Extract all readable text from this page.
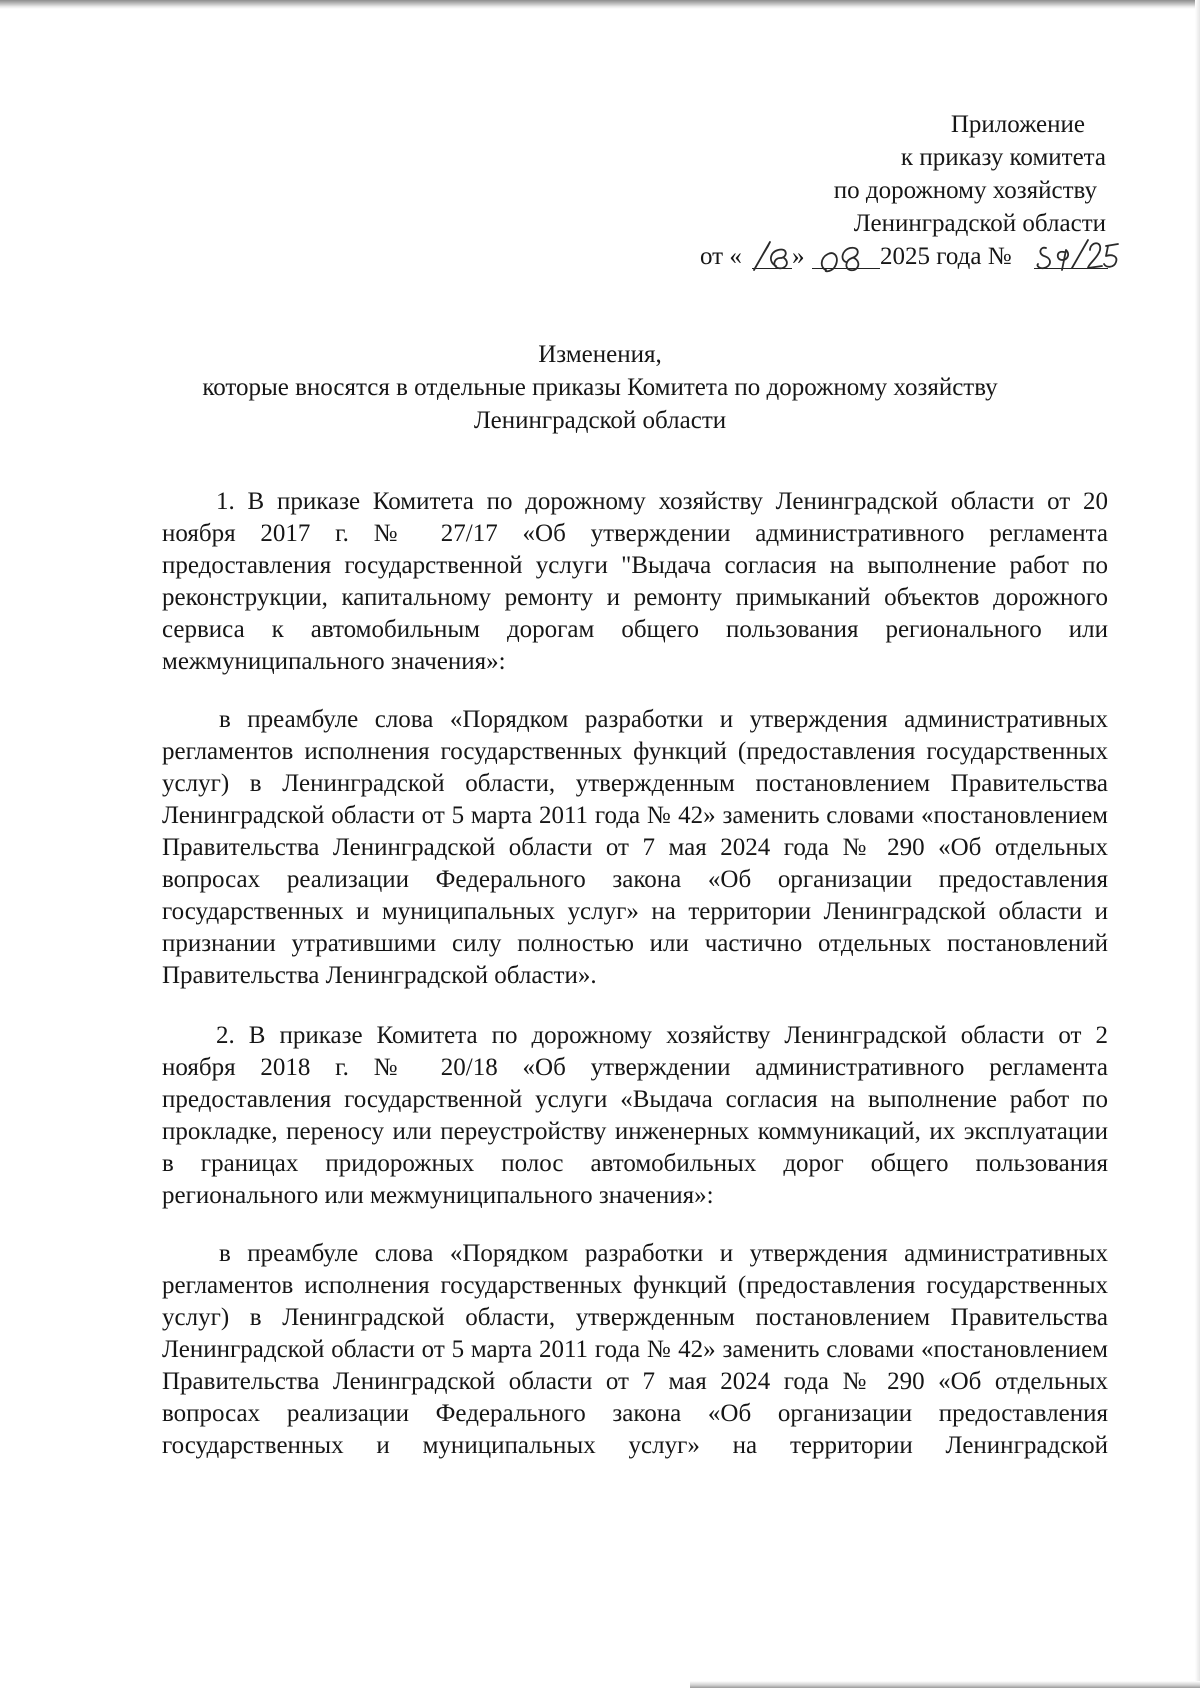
Приложение
к приказу комитета
по дорожному хозяйству
Ленинградской области
от « »	2025 года №
Изменения,
которые вносятся в отдельные приказы Комитета по дорожному хозяйству
Ленинградской области

1. В приказе Комитета по дорожному хозяйству Ленинградской области от 20 ноября 2017 г. № 27/17 «Об утверждении административного регламента предоставления государственной услуги "Выдача согласия на выполнение работ по реконструкции, капитальному ремонту и ремонту примыканий объектов дорожного сервиса к автомобильным дорогам общего пользования регионального или межмуниципального значения»:

в преамбуле слова «Порядком разработки и утверждения административных регламентов исполнения государственных функций (предоставления государственных услуг) в Ленинградской области, утвержденным постановлением Правительства Ленинградской области от 5 марта 2011 года № 42» заменить словами «постановлением Правительства Ленинградской области от 7 мая 2024 года № 290 «Об отдельных вопросах реализации Федерального закона «Об организации предоставления государственных и муниципальных услуг» на территории Ленинградской области и признании утратившими силу полностью или частично отдельных постановлений Правительства Ленинградской области».

2. В приказе Комитета по дорожному хозяйству Ленинградской области от 2 ноября 2018 г. № 20/18 «Об утверждении административного регламента предоставления государственной услуги «Выдача согласия на выполнение работ по прокладке, переносу или переустройству инженерных коммуникаций, их эксплуатации в границах придорожных полос автомобильных дорог общего пользования регионального или межмуниципального значения»:

в преамбуле слова «Порядком разработки и утверждения административных регламентов исполнения государственных функций (предоставления государственных услуг) в Ленинградской области, утвержденным постановлением Правительства Ленинградской области от 5 марта 2011 года № 42» заменить словами «постановлением Правительства Ленинградской области от 7 мая 2024 года № 290 «Об отдельных вопросах реализации Федерального закона «Об организации предоставления государственных и муниципальных услуг» на территории Ленинградской
